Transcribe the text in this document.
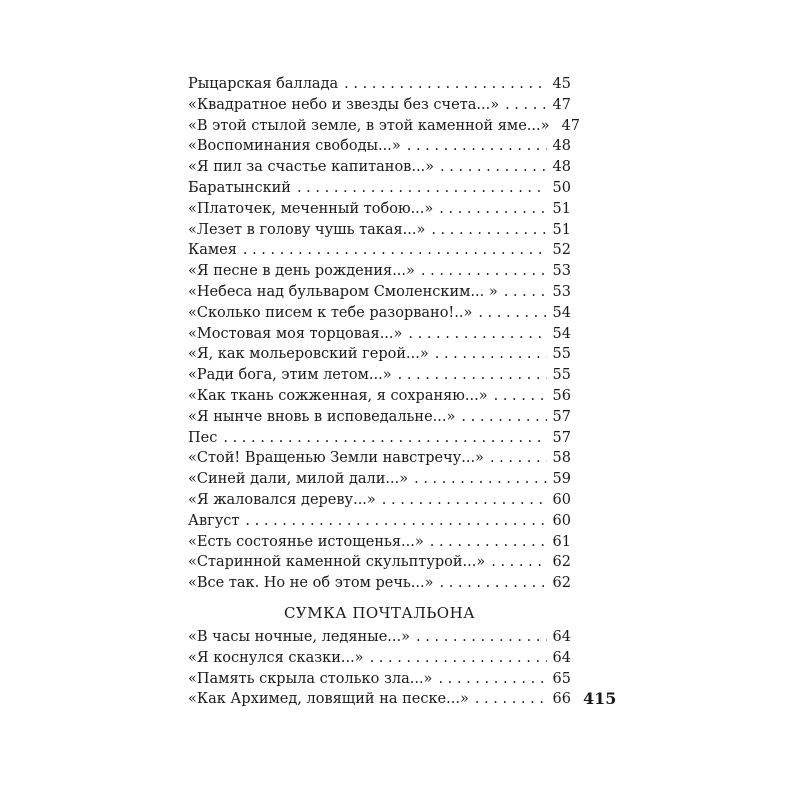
Рыцарская баллада . . .	45
«Квадратное небо и звезды без счета...» . . .	47
«В этой стылой земле, в этой каменной яме...» 47
«Воспоминания свободы...» . . .	48
«Я пил за счастье капитанов...» . . .	48
Баратынский . . .	50
«Платочек, меченный тобою...» . . .	51
«Лезет в голову чушь такая...» . . .	51
Камея . . .	52
«Я песне в день рождения...» . . .	53
«Небеса над бульваром Смоленским... » . . .	53
«Сколько писем к тебе разорвано!..» . . .	54
«Мостовая моя торцовая...» . . .	54
«Я, как мольеровский герой...» . . .	55
«Ради бога, этим летом...» . . .	55
«Как ткань сожженная, я сохраняю...» . . .	56
«Я нынче вновь в исповедальне...» . . .	57
Пес . . .	57
«Стой! Вращенью Земли навстречу...» . . .	58
«Синей дали, милой дали...» . . .	59
«Я жаловался дереву...» . . .	60
Август . . .	60
«Есть состоянье истощенья...» . . .	61
«Старинной каменной скульптурой...» . . .	62
«Все так. Но не об этом речь...» . . .	62
СУМКА ПОЧТАЛЬОНА
«В часы ночные, ледяные...» . . .	64
«Я коснулся сказки...» . . .	64
«Память скрыла столько зла...» . . .	65
«Как Архимед, ловящий на песке...» . . .	66 415
